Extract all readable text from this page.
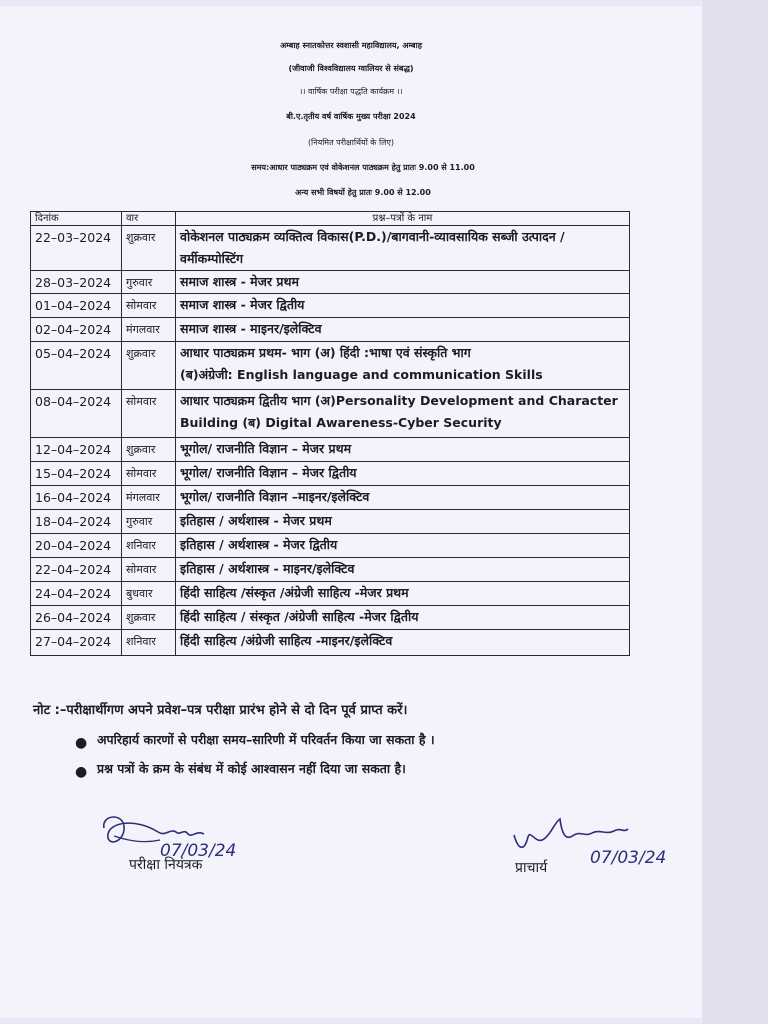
अम्बाह स्नातकोत्तर स्वशासी महाविद्यालय, अम्बाह
(जीवाजी विश्वविद्यालय ग्वालियर से संबद्ध)
।। वार्षिक परीक्षा पद्धति कार्यक्रम ।।
बी.ए.तृतीय वर्ष वार्षिक मुख्य परीक्षा 2024
(नियमित परीक्षार्थियों के लिए)
समय:आधार पाठ्यक्रम एवं वोकेशनल पाठ्यक्रम हेतु प्रातः 9.00 से 11.00
अन्य सभी विषयों हेतु प्रातः 9.00 से 12.00
दिनांक	वार	प्रश्न–पत्रों के नाम
22–03–2024	शुक्रवार	वोकेशनल पाठ्यक्रम व्यक्तित्व विकास(P.D.)/बागवानी-व्यावसायिक सब्जी उत्पादन /
वर्मीकम्पोस्टिंग

28–03–2024	गुरुवार	समाज शास्त्र - मेजर प्रथम

01–04–2024	सोमवार	समाज शास्त्र - मेजर द्वितीय

02–04–2024	मंगलवार	समाज शास्त्र - माइनर/इलेक्टिव

05–04–2024	शुक्रवार	आधार पाठ्यक्रम प्रथम- भाग (अ) हिंदी :भाषा एवं संस्कृति भाग
(ब)अंग्रेजी: English language and communication Skills

08–04–2024	सोमवार	आधार पाठ्यक्रम द्वितीय भाग (अ)Personality Development and Character
Building (ब) Digital Awareness-Cyber Security

12–04–2024	शुक्रवार	भूगोल/ राजनीति विज्ञान – मेजर प्रथम

15–04–2024	सोमवार	भूगोल/ राजनीति विज्ञान – मेजर द्वितीय

16–04–2024	मंगलवार	भूगोल/ राजनीति विज्ञान –माइनर/इलेक्टिव

18–04–2024	गुरुवार	इतिहास / अर्थशास्त्र - मेजर प्रथम

20–04–2024	शनिवार	इतिहास / अर्थशास्त्र - मेजर द्वितीय

22–04–2024	सोमवार	इतिहास / अर्थशास्त्र - माइनर/इलेक्टिव

24–04–2024	बुधवार	हिंदी साहित्य /संस्कृत /अंग्रेजी साहित्य -मेजर प्रथम

26–04–2024	शुक्रवार	हिंदी साहित्य / संस्कृत /अंग्रेजी साहित्य -मेजर द्वितीय

27–04–2024	शनिवार	हिंदी साहित्य /अंग्रेजी साहित्य -माइनर/इलेक्टिव
नोट :–परीक्षार्थीगण अपने प्रवेश–पत्र परीक्षा प्रारंभ होने से दो दिन पूर्व प्राप्त करें।
● अपरिहार्य कारणों से परीक्षा समय–सारिणी में परिवर्तन किया जा सकता है ।
● प्रश्न पत्रों के क्रम के संबंध में कोई आश्वासन नहीं दिया जा सकता है।
07/03/24
परीक्षा नियंत्रक	07/03/24
प्राचार्य
